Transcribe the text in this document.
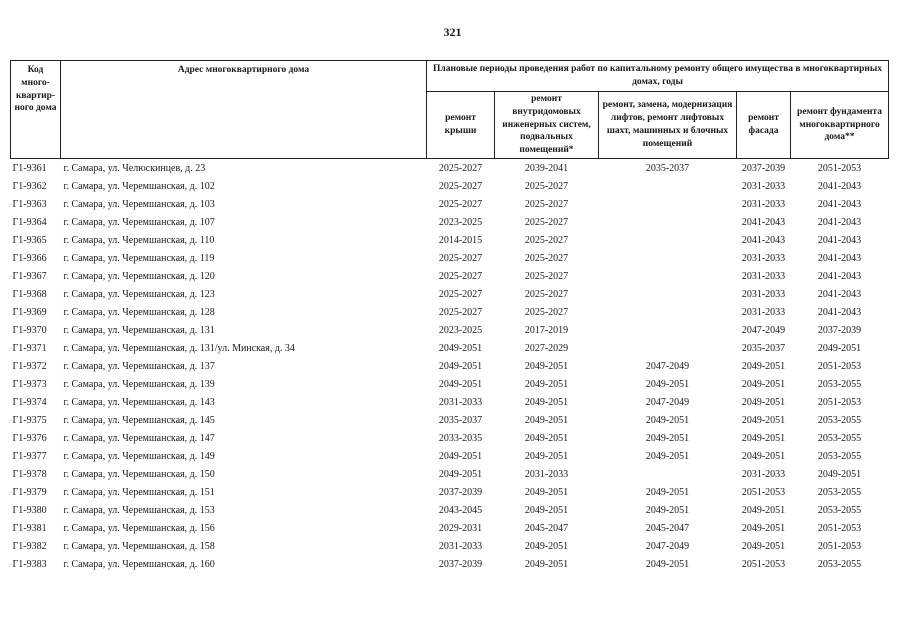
321
Код много-квартир-ного дома	Адрес многоквартирного дома	Плановые периоды проведения работ по капитальному ремонту общего имущества в многоквартирных домах, годы				
		ремонт крыши	ремонт внутридомовых инженерных систем, подвальных помещений*	ремонт, замена, модернизация лифтов, ремонт лифтовых шахт, машинных и блочных помещений	ремонт фасада	ремонт фундамента многоквартирного дома**
Г1-9361	г. Самара, ул. Челюскинцев, д. 23	2025-2027	2039-2041	2035-2037	2037-2039	2051-2053
Г1-9362	г. Самара, ул. Черемшанская, д. 102	2025-2027	2025-2027		2031-2033	2041-2043
Г1-9363	г. Самара, ул. Черемшанская, д. 103	2025-2027	2025-2027		2031-2033	2041-2043
Г1-9364	г. Самара, ул. Черемшанская, д. 107	2023-2025	2025-2027		2041-2043	2041-2043
Г1-9365	г. Самара, ул. Черемшанская, д. 110	2014-2015	2025-2027		2041-2043	2041-2043
Г1-9366	г. Самара, ул. Черемшанская, д. 119	2025-2027	2025-2027		2031-2033	2041-2043
Г1-9367	г. Самара, ул. Черемшанская, д. 120	2025-2027	2025-2027		2031-2033	2041-2043
Г1-9368	г. Самара, ул. Черемшанская, д. 123	2025-2027	2025-2027		2031-2033	2041-2043
Г1-9369	г. Самара, ул. Черемшанская, д. 128	2025-2027	2025-2027		2031-2033	2041-2043
Г1-9370	г. Самара, ул. Черемшанская, д. 131	2023-2025	2017-2019		2047-2049	2037-2039
Г1-9371	г. Самара, ул. Черемшанская, д. 131/ул. Минская, д. 34	2049-2051	2027-2029		2035-2037	2049-2051
Г1-9372	г. Самара, ул. Черемшанская, д. 137	2049-2051	2049-2051	2047-2049	2049-2051	2051-2053
Г1-9373	г. Самара, ул. Черемшанская, д. 139	2049-2051	2049-2051	2049-2051	2049-2051	2053-2055
Г1-9374	г. Самара, ул. Черемшанская, д. 143	2031-2033	2049-2051	2047-2049	2049-2051	2051-2053
Г1-9375	г. Самара, ул. Черемшанская, д. 145	2035-2037	2049-2051	2049-2051	2049-2051	2053-2055
Г1-9376	г. Самара, ул. Черемшанская, д. 147	2033-2035	2049-2051	2049-2051	2049-2051	2053-2055
Г1-9377	г. Самара, ул. Черемшанская, д. 149	2049-2051	2049-2051	2049-2051	2049-2051	2053-2055
Г1-9378	г. Самара, ул. Черемшанская, д. 150	2049-2051	2031-2033		2031-2033	2049-2051
Г1-9379	г. Самара, ул. Черемшанская, д. 151	2037-2039	2049-2051	2049-2051	2051-2053	2053-2055
Г1-9380	г. Самара, ул. Черемшанская, д. 153	2043-2045	2049-2051	2049-2051	2049-2051	2053-2055
Г1-9381	г. Самара, ул. Черемшанская, д. 156	2029-2031	2045-2047	2045-2047	2049-2051	2051-2053
Г1-9382	г. Самара, ул. Черемшанская, д. 158	2031-2033	2049-2051	2047-2049	2049-2051	2051-2053
Г1-9383	г. Самара, ул. Черемшанская, д. 160	2037-2039	2049-2051	2049-2051	2051-2053	2053-2055
